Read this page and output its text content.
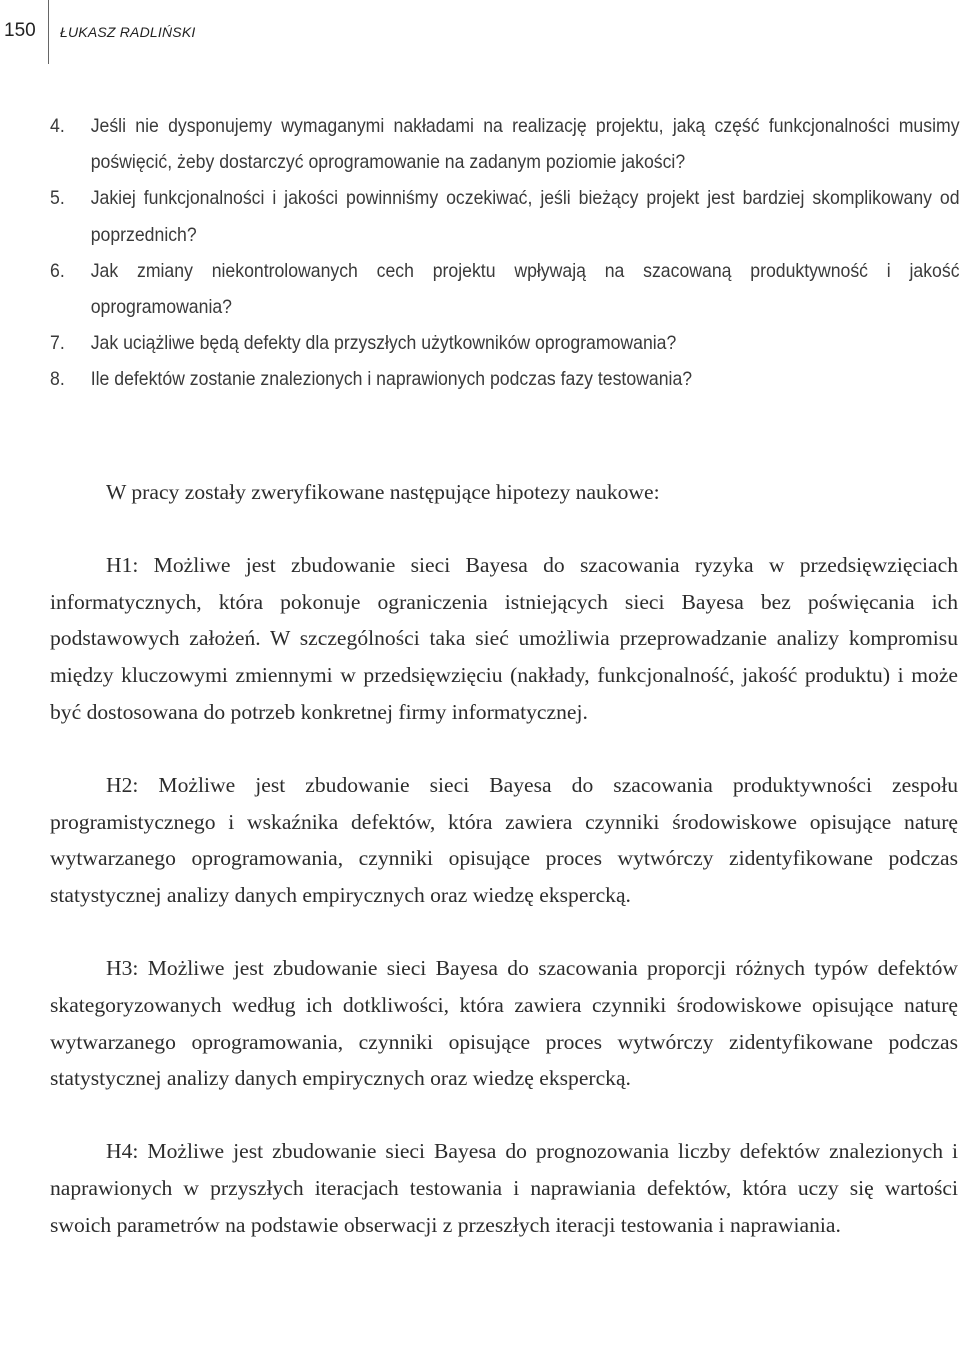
150 ŁUKASZ RADLIŃSKI
4. Jeśli nie dysponujemy wymaganymi nakładami na realizację projektu, jaką część funkcjonalności musimy poświęcić, żeby dostarczyć oprogramowanie na zadanym poziomie jakości?
5. Jakiej funkcjonalności i jakości powinniśmy oczekiwać, jeśli bieżący projekt jest bardziej skomplikowany od poprzednich?
6. Jak zmiany niekontrolowanych cech projektu wpływają na szacowaną produktywność i jakość oprogramowania?
7. Jak uciążliwe będą defekty dla przyszłych użytkowników oprogramowania?
8. Ile defektów zostanie znalezionych i naprawionych podczas fazy testowania?

W pracy zostały zweryfikowane następujące hipotezy naukowe:

H1: Możliwe jest zbudowanie sieci Bayesa do szacowania ryzyka w przedsięwzięciach informatycznych, która pokonuje ograniczenia istniejących sieci Bayesa bez poświęcania ich podstawowych założeń. W szczególności taka sieć umożliwia przeprowadzanie analizy kompromisu między kluczowymi zmiennymi w przedsięwzięciu (nakłady, funkcjonalność, jakość produktu) i może być dostosowana do potrzeb konkretnej firmy informatycznej.

H2: Możliwe jest zbudowanie sieci Bayesa do szacowania produktywności zespołu programistycznego i wskaźnika defektów, która zawiera czynniki środowiskowe opisujące naturę wytwarzanego oprogramowania, czynniki opisujące proces wytwórczy zidentyfikowane podczas statystycznej analizy danych empirycznych oraz wiedzę ekspercką.

H3: Możliwe jest zbudowanie sieci Bayesa do szacowania proporcji różnych typów defektów skategoryzowanych według ich dotkliwości, która zawiera czynniki środowiskowe opisujące naturę wytwarzanego oprogramowania, czynniki opisujące proces wytwórczy zidentyfikowane podczas statystycznej analizy danych empirycznych oraz wiedzę ekspercką.

H4: Możliwe jest zbudowanie sieci Bayesa do prognozowania liczby defektów znalezionych i naprawionych w przyszłych iteracjach testowania i naprawiania defektów, która uczy się wartości swoich parametrów na podstawie obserwacji z przeszłych iteracji testowania i naprawiania.
